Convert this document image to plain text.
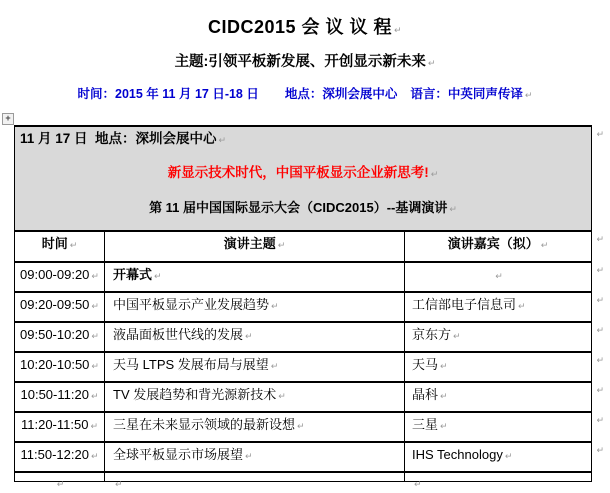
+
CIDC2015 会 议 议 程 ↵
主题:引领平板新发展、开创显示新未来 ↵
时间：2015 年 11 月 17 日-18 日 地点：深圳会展中心 语言：中英同声传译 ↵
11 月 17 日  地点：深圳会展中心 ↵
新显示技术时代，中国平板显示企业新思考! ↵
第 11 届中国国际显示大会（CIDC2015）--基调演讲 ↵
↵
时间 ↵	演讲主题 ↵	演讲嘉宾（拟） ↵
↵
09:00-09:20 ↵	开幕式 ↵	↵
↵
09:20-09:50 ↵	中国平板显示产业发展趋势 ↵	工信部电子信息司 ↵
↵
09:50-10:20 ↵	液晶面板世代线的发展 ↵	京东方 ↵
↵
10:20-10:50 ↵	天马 LTPS 发展布局与展望 ↵	天马 ↵
↵
10:50-11:20 ↵	TV 发展趋势和背光源新技术 ↵	晶科 ↵
↵
11:20-11:50 ↵	三星在未来显示领域的最新设想 ↵	三星 ↵
↵
11:50-12:20 ↵	全球平板显示市场展望 ↵	IHS Technology ↵
↵
↵	↵	↵
